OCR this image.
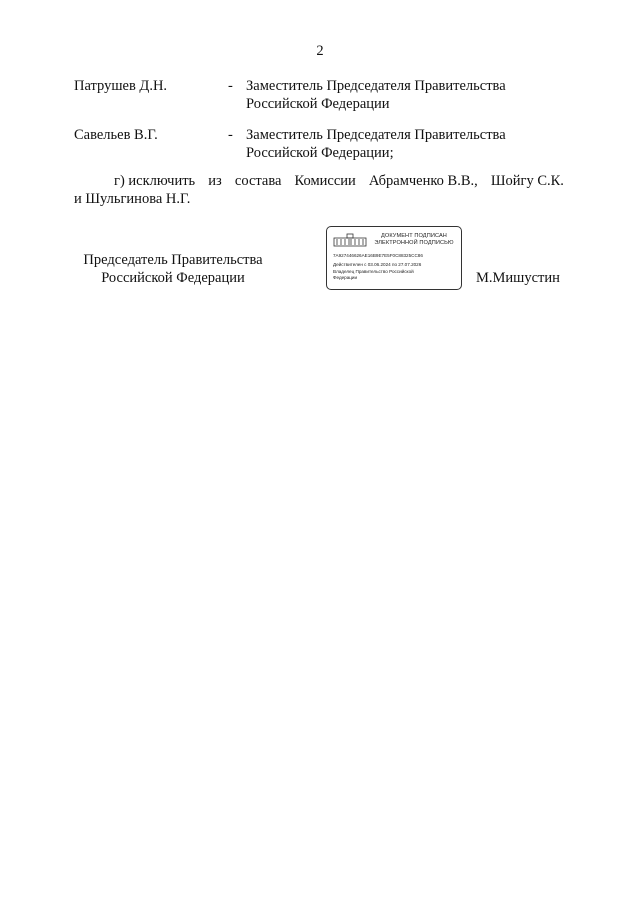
2
Патрушев Д.Н.	- Заместитель Председателя Правительства
Российской Федерации
Савельев В.Г.	- Заместитель Председателя Правительства
Российской Федерации;
г) исключить из состава Комиссии Абрамченко В.В., Шойгу С.К.
и Шульгинова Н.Г.
Председатель Правительства
Российской Федерации
ДОКУМЕНТ ПОДПИСАН
ЭЛЕКТРОННОЙ ПОДПИСЬЮ
7A927446626AE16B9E7E5F0C88325CC86
Действителен с 03.06.2024 по 27.07.2026
Владелец Правительство Российской
Федерации	М.Мишустин
